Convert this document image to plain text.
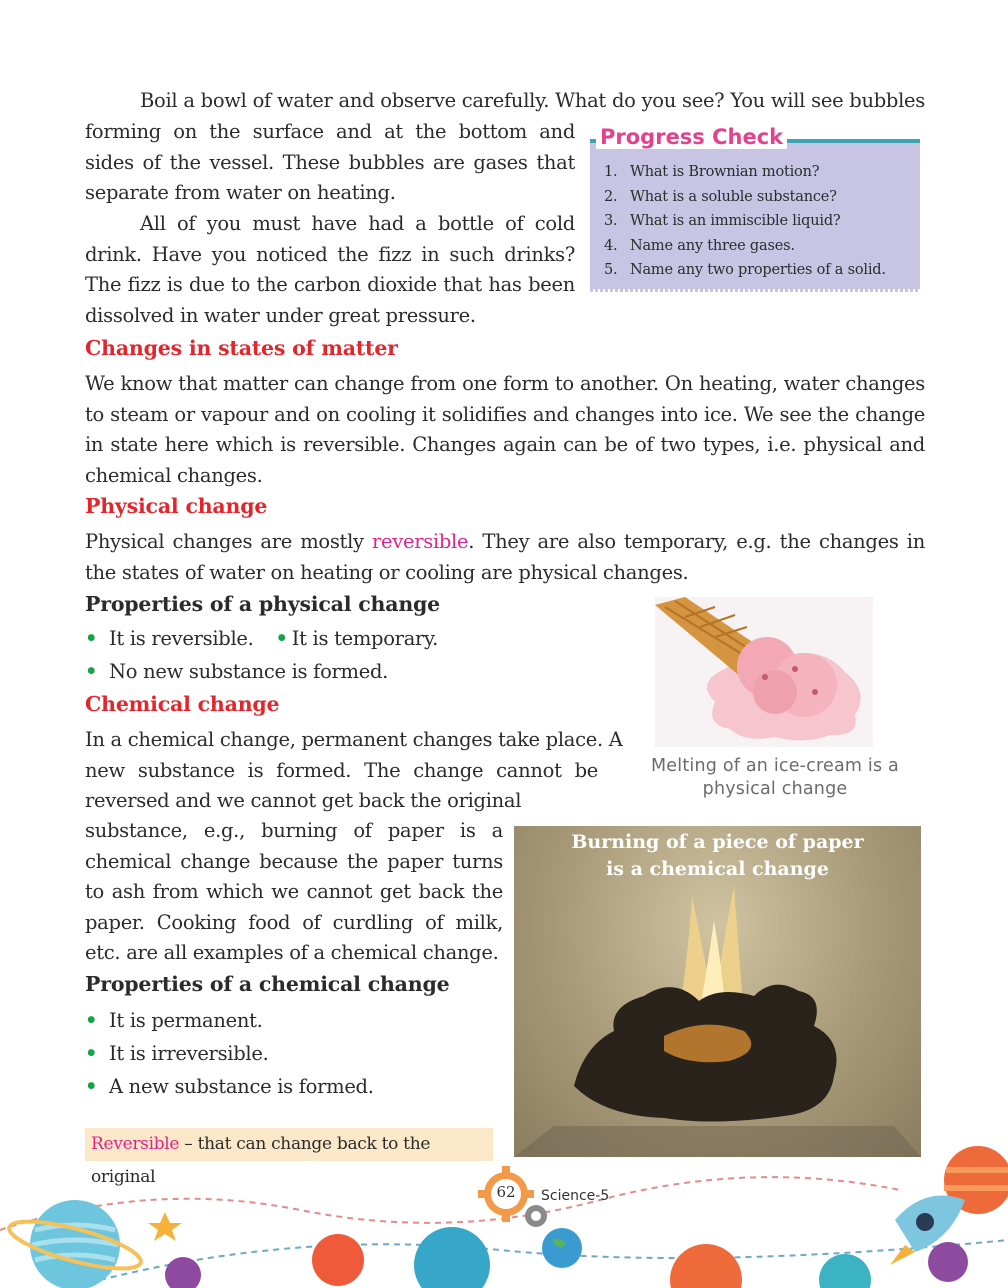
Boil a bowl of water and observe carefully. What do you see? You will see bubbles
forming on the surface and at the bottom and sides of the vessel. These bubbles are gases that separate from water on heating.
All of you must have had a bottle of cold drink. Have you noticed the fizz in such drinks? The fizz is due to the carbon dioxide that has been dissolved in water under great pressure.
Progress Check
1. What is Brownian motion?
2. What is a soluble substance?
3. What is an immiscible liquid?
4. Name any three gases.
5. Name any two properties of a solid.
Changes in states of matter
We know that matter can change from one form to another. On heating, water changes to steam or vapour and on cooling it solidifies and changes into ice. We see the change in state here which is reversible. Changes again can be of two types, i.e. physical and chemical changes.
Physical change
Physical changes are mostly reversible. They are also temporary, e.g. the changes in the states of water on heating or cooling are physical changes.
Properties of a physical change
• It is reversible. • It is temporary.
• No new substance is formed.
Melting of an ice-cream is a
physical change
Chemical change
In a chemical change, permanent changes take place. A
new substance is formed. The change cannot be
reversed and we cannot get back the original
substance, e.g., burning of paper is a chemical change because the paper turns to ash from which we cannot get back the paper. Cooking food of curdling of milk, etc. are all examples of a chemical change.
Properties of a chemical change
• It is permanent.
• It is irreversible.
• A new substance is formed.
Burning of a piece of paper
is a chemical change
Reversible – that can change back to the original
62	Science-5
